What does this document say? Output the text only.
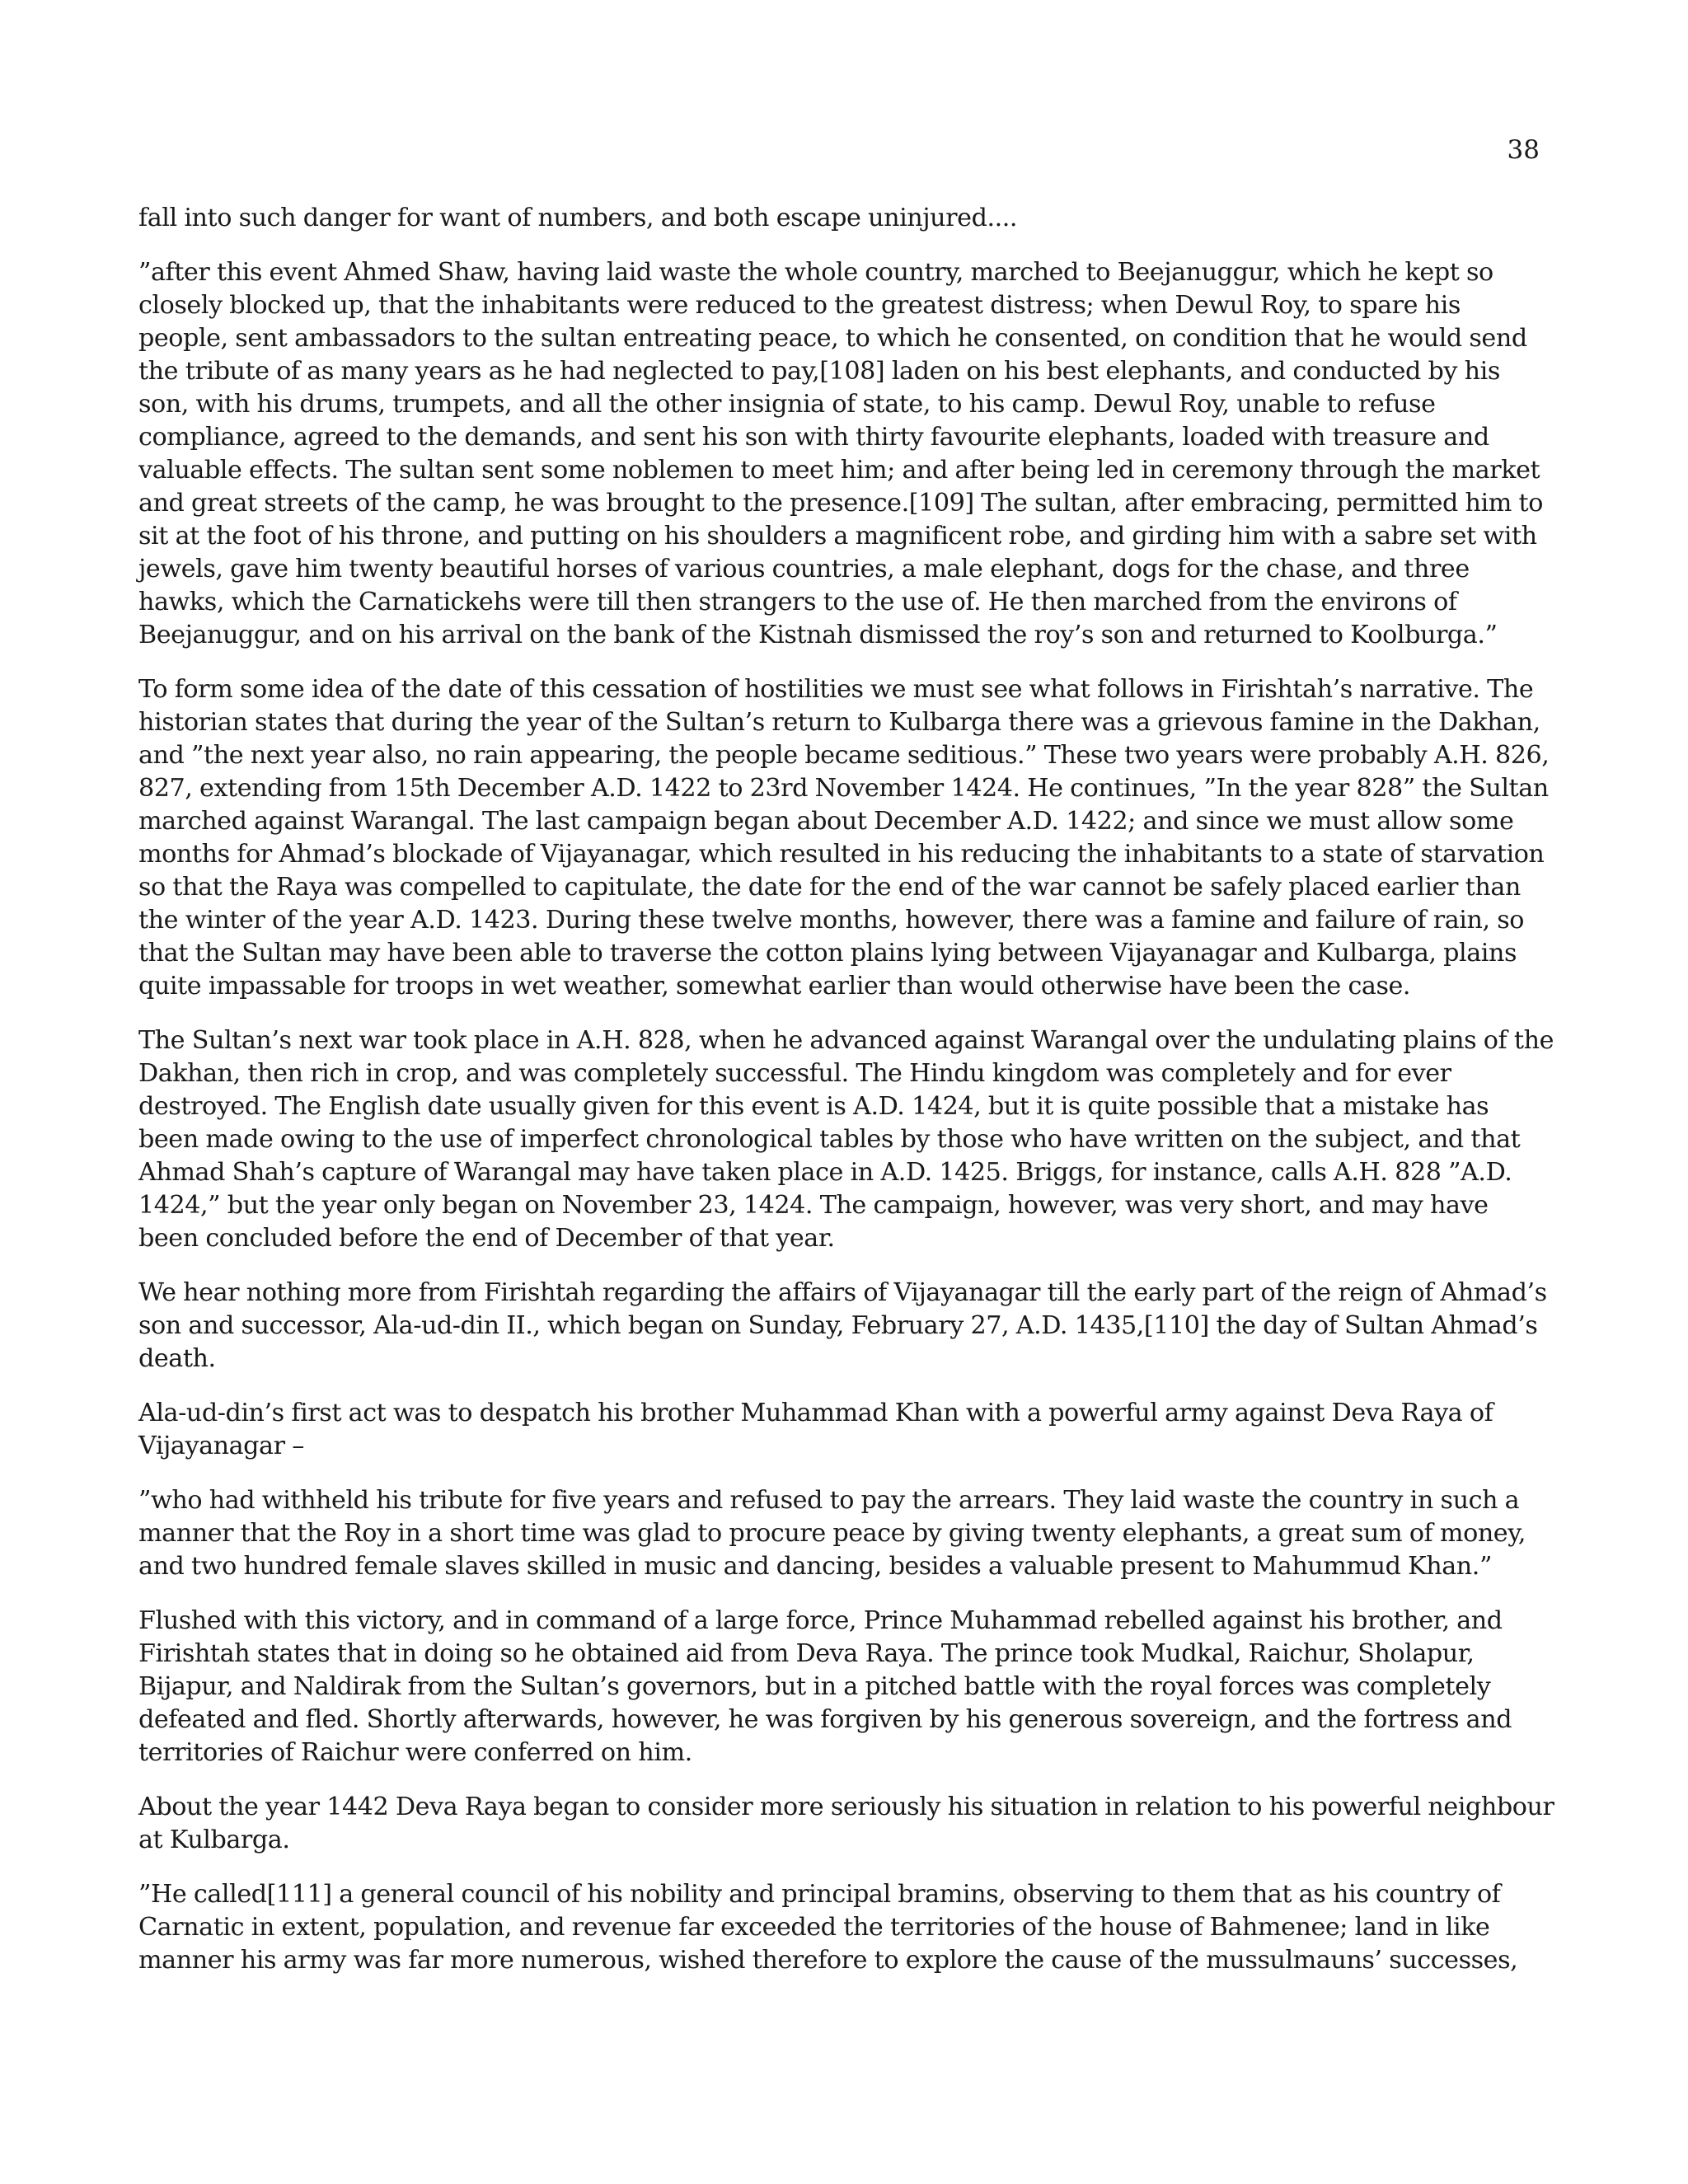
38

fall into such danger for want of numbers, and both escape uninjured....

”after this event Ahmed Shaw, having laid waste the whole country, marched to Beejanuggur, which he kept so closely blocked up, that the inhabitants were reduced to the greatest distress; when Dewul Roy, to spare his people, sent ambassadors to the sultan entreating peace, to which he consented, on condition that he would send the tribute of as many years as he had neglected to pay,[108] laden on his best elephants, and conducted by his son, with his drums, trumpets, and all the other insignia of state, to his camp. Dewul Roy, unable to refuse compliance, agreed to the demands, and sent his son with thirty favourite elephants, loaded with treasure and valuable effects. The sultan sent some noblemen to meet him; and after being led in ceremony through the market and great streets of the camp, he was brought to the presence.[109] The sultan, after embracing, permitted him to sit at the foot of his throne, and putting on his shoulders a magnificent robe, and girding him with a sabre set with jewels, gave him twenty beautiful horses of various countries, a male elephant, dogs for the chase, and three hawks, which the Carnatickehs were till then strangers to the use of. He then marched from the environs of Beejanuggur, and on his arrival on the bank of the Kistnah dismissed the roy’s son and returned to Koolburga.”

To form some idea of the date of this cessation of hostilities we must see what follows in Firishtah’s narrative. The historian states that during the year of the Sultan’s return to Kulbarga there was a grievous famine in the Dakhan, and ”the next year also, no rain appearing, the people became seditious.” These two years were probably A.H. 826, 827, extending from 15th December A.D. 1422 to 23rd November 1424. He continues, ”In the year 828” the Sultan marched against Warangal. The last campaign began about December A.D. 1422; and since we must allow some months for Ahmad’s blockade of Vijayanagar, which resulted in his reducing the inhabitants to a state of starvation so that the Raya was compelled to capitulate, the date for the end of the war cannot be safely placed earlier than the winter of the year A.D. 1423. During these twelve months, however, there was a famine and failure of rain, so that the Sultan may have been able to traverse the cotton plains lying between Vijayanagar and Kulbarga, plains quite impassable for troops in wet weather, somewhat earlier than would otherwise have been the case.

The Sultan’s next war took place in A.H. 828, when he advanced against Warangal over the undulating plains of the Dakhan, then rich in crop, and was completely successful. The Hindu kingdom was completely and for ever destroyed. The English date usually given for this event is A.D. 1424, but it is quite possible that a mistake has been made owing to the use of imperfect chronological tables by those who have written on the subject, and that Ahmad Shah’s capture of Warangal may have taken place in A.D. 1425. Briggs, for instance, calls A.H. 828 ”A.D. 1424,” but the year only began on November 23, 1424. The campaign, however, was very short, and may have been concluded before the end of December of that year.

We hear nothing more from Firishtah regarding the affairs of Vijayanagar till the early part of the reign of Ahmad’s son and successor, Ala-ud-din II., which began on Sunday, February 27, A.D. 1435,[110] the day of Sultan Ahmad’s death.

Ala-ud-din’s first act was to despatch his brother Muhammad Khan with a powerful army against Deva Raya of Vijayanagar –

”who had withheld his tribute for five years and refused to pay the arrears. They laid waste the country in such a manner that the Roy in a short time was glad to procure peace by giving twenty elephants, a great sum of money, and two hundred female slaves skilled in music and dancing, besides a valuable present to Mahummud Khan.”

Flushed with this victory, and in command of a large force, Prince Muhammad rebelled against his brother, and Firishtah states that in doing so he obtained aid from Deva Raya. The prince took Mudkal, Raichur, Sholapur, Bijapur, and Naldirak from the Sultan’s governors, but in a pitched battle with the royal forces was completely defeated and fled. Shortly afterwards, however, he was forgiven by his generous sovereign, and the fortress and territories of Raichur were conferred on him.

About the year 1442 Deva Raya began to consider more seriously his situation in relation to his powerful neighbour at Kulbarga.

”He called[111] a general council of his nobility and principal bramins, observing to them that as his country of Carnatic in extent, population, and revenue far exceeded the territories of the house of Bahmenee; land in like manner his army was far more numerous, wished therefore to explore the cause of the mussulmauns’ successes,
